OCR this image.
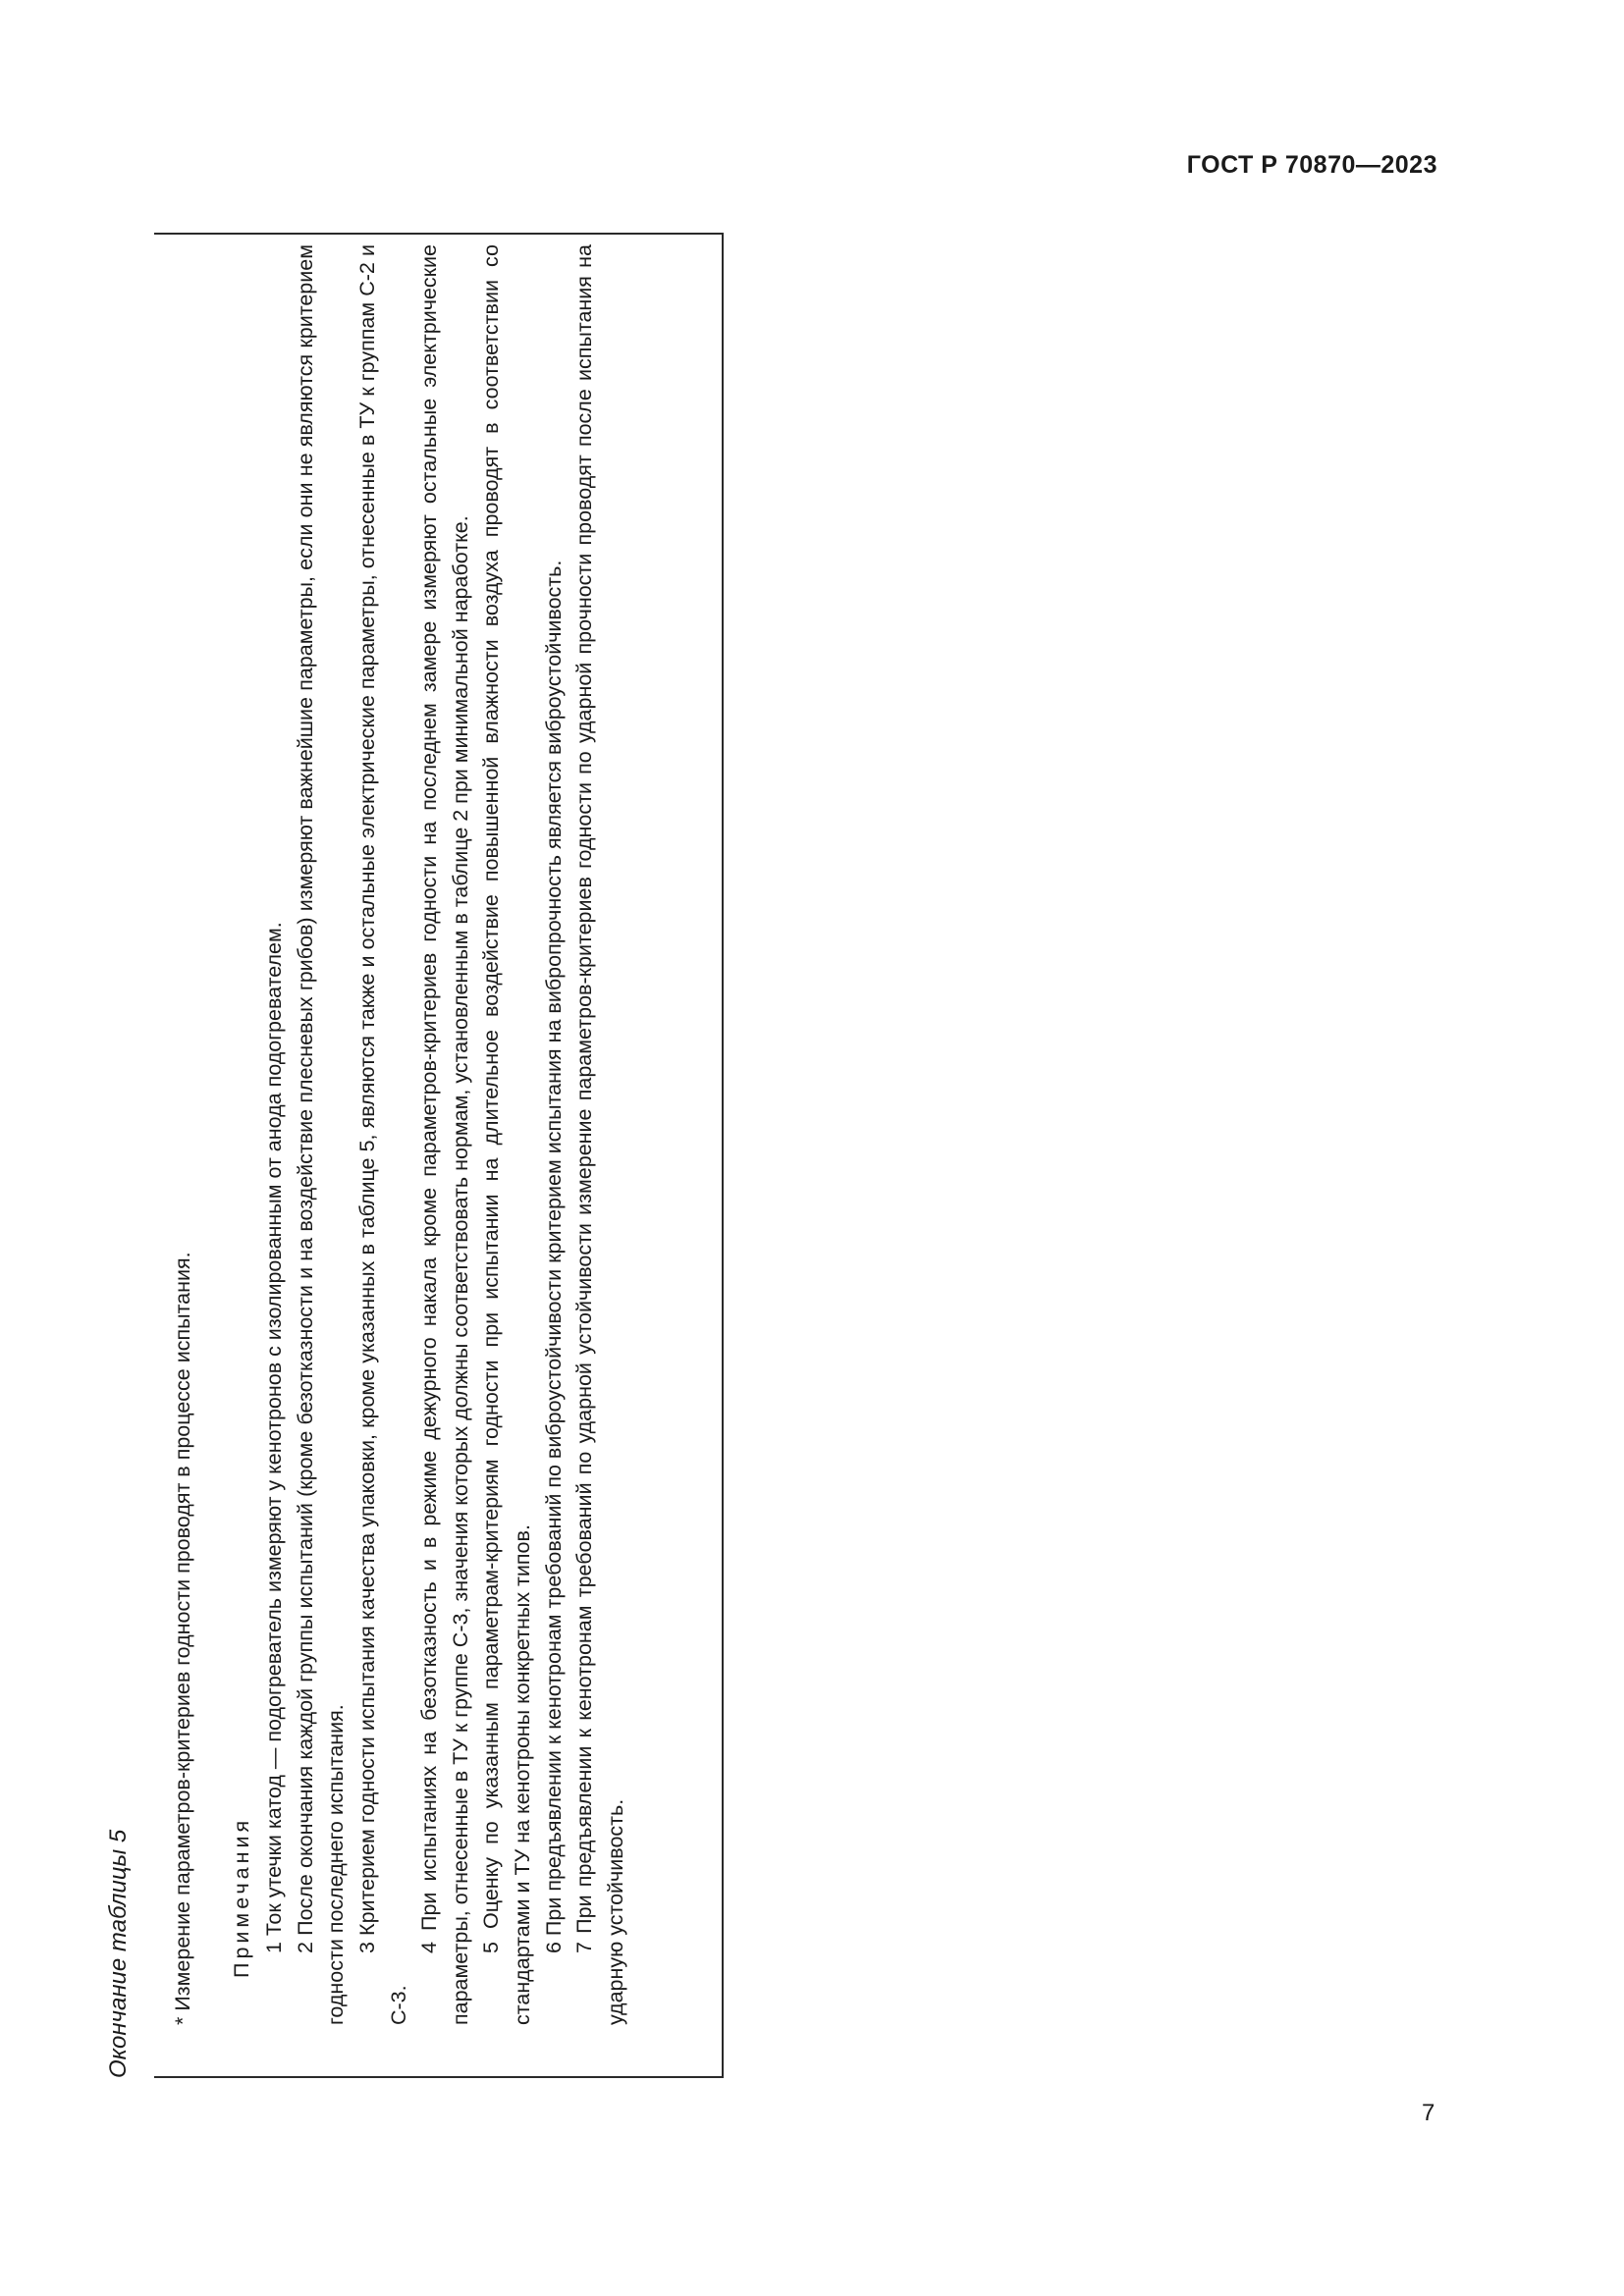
ГОСТ Р 70870—2023
Окончание таблицы 5 * Измерение параметров-критериев годности проводят в процессе испытания. Примечания 1 Ток утечки катод — подогреватель измеряют у кенотронов с изолированным от анода подогревателем. 2 После окончания каждой группы испытаний (кроме безотказности и на воздействие плесневых грибов) измеряют важнейшие параметры, если они не являются критерием годности последнего испытания. 3 Критерием годности испытания качества упаковки, кроме указанных в таблице 5, являются также и остальные электрические параметры, отнесенные в ТУ к группам С-2 и С-3.

4 При испытаниях на безотказность и в режиме дежурного накала кроме параметров-критериев годности на последнем замере измеряют остальные электрические параметры, отнесенные в ТУ к группе С-3, значения которых должны соответствовать нормам, установленным в таблице 2 при минимальной наработке. 5 Оценку по указанным параметрам-критериям годности при испытании на длительное воздействие повышенной влажности воздуха проводят в соответствии со стандартами и ТУ на кенотроны конкретных типов. 6 При предъявлении к кенотронам требований по виброустойчивости критерием испытания на вибропрочность является виброустойчивость. 7 При предъявлении к кенотронам требований по ударной устойчивости измерение параметров-критериев годности по ударной прочности проводят после испытания на ударную устойчивость.

7
